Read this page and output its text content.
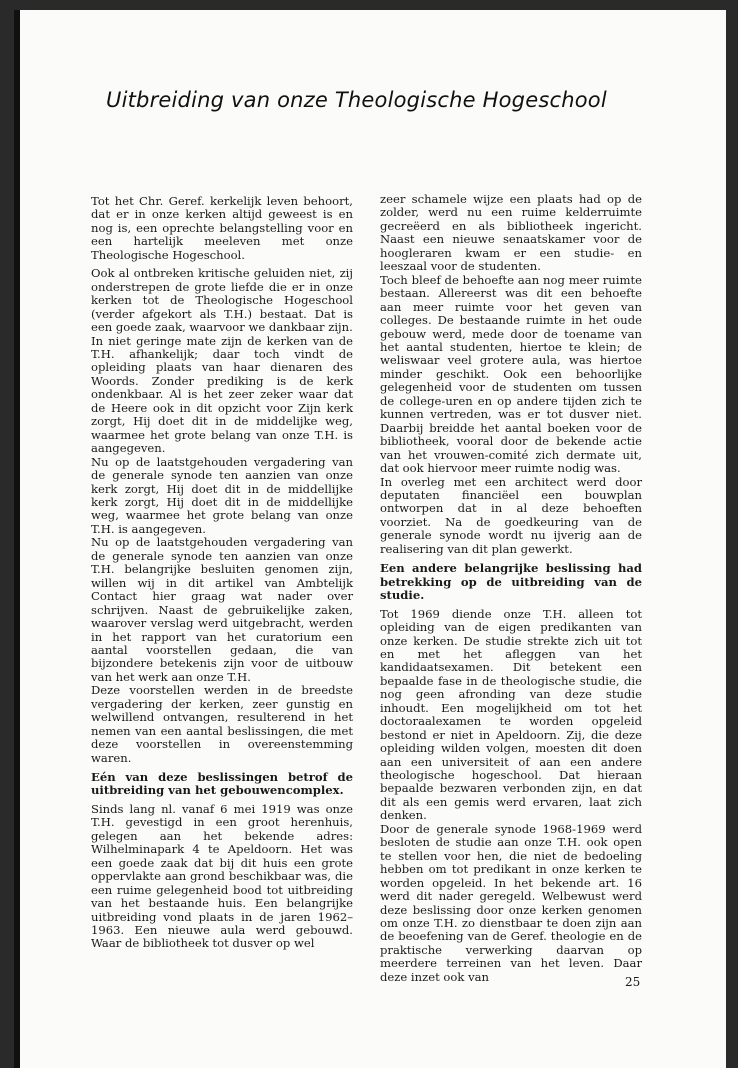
Uitbreiding van onze Theologische Hogeschool

Tot het Chr. Geref. kerkelijk leven behoort, dat er in onze kerken altijd geweest is en nog is, een oprechte belangstelling voor en een hartelijk meeleven met onze Theologische Hogeschool.

Ook al ontbreken kritische geluiden niet, zij onderstrepen de grote liefde die er in onze kerken tot de Theologische Hogeschool (verder afgekort als T.H.) bestaat. Dat is een goede zaak, waarvoor we dankbaar zijn.

In niet geringe mate zijn de kerken van de T.H. afhankelijk; daar toch vindt de opleiding plaats van haar dienaren des Woords. Zonder prediking is de kerk ondenkbaar. Al is het zeer zeker waar dat de Heere ook in dit opzicht voor Zijn kerk zorgt, Hij doet dit in de middelijke weg, waarmee het grote belang van onze T.H. is aangegeven.

Nu op de laatstgehouden vergadering van de generale synode ten aanzien van onze kerk zorgt, Hij doet dit in de middellijke kerk zorgt, Hij doet dit in de middellijke weg, waarmee het grote belang van onze T.H. is aangegeven.

Nu op de laatstgehouden vergadering van de generale synode ten aanzien van onze T.H. belangrijke besluiten genomen zijn, willen wij in dit artikel van Ambtelijk Contact hier graag wat nader over schrijven. Naast de gebruikelijke zaken, waarover verslag werd uitgebracht, werden in het rapport van het curatorium een aantal voorstellen gedaan, die van bijzondere betekenis zijn voor de uitbouw van het werk aan onze T.H.

Deze voorstellen werden in de breedste vergadering der kerken, zeer gunstig en welwillend ontvangen, resulterend in het nemen van een aantal beslissingen, die met deze voorstellen in overeenstemming waren.

Eén van deze beslissingen betrof de uitbreiding van het gebouwencomplex.

Sinds lang nl. vanaf 6 mei 1919 was onze T.H. gevestigd in een groot herenhuis, gelegen aan het bekende adres: Wilhelminapark 4 te Apeldoorn. Het was een goede zaak dat bij dit huis een grote oppervlakte aan grond beschikbaar was, die een ruime gelegenheid bood tot uitbreiding van het bestaande huis. Een belangrijke uitbreiding vond plaats in de jaren 1962–1963. Een nieuwe aula werd gebouwd. Waar de bibliotheek tot dusver op wel

zeer schamele wijze een plaats had op de zolder, werd nu een ruime kelderruimte gecreëerd en als bibliotheek ingericht. Naast een nieuwe senaatskamer voor de hoogleraren kwam er een studie- en leeszaal voor de studenten.

Toch bleef de behoefte aan nog meer ruimte bestaan. Allereerst was dit een behoefte aan meer ruimte voor het geven van colleges. De bestaande ruimte in het oude gebouw werd, mede door de toename van het aantal studenten, hiertoe te klein; de weliswaar veel grotere aula, was hiertoe minder geschikt. Ook een behoorlijke gelegenheid voor de studenten om tussen de college-uren en op andere tijden zich te kunnen vertreden, was er tot dusver niet. Daarbij breidde het aantal boeken voor de bibliotheek, vooral door de bekende actie van het vrouwen-comité zich dermate uit, dat ook hiervoor meer ruimte nodig was.

In overleg met een architect werd door deputaten financiëel een bouwplan ontworpen dat in al deze behoeften voorziet. Na de goedkeuring van de generale synode wordt nu ijverig aan de realisering van dit plan gewerkt.

Een andere belangrijke beslissing had betrekking op de uitbreiding van de studie.

Tot 1969 diende onze T.H. alleen tot opleiding van de eigen predikanten van onze kerken. De studie strekte zich uit tot en met het afleggen van het kandidaatsexamen. Dit betekent een bepaalde fase in de theologische studie, die nog geen afronding van deze studie inhoudt. Een mogelijkheid om tot het doctoraalexamen te worden opgeleid bestond er niet in Apeldoorn. Zij, die deze opleiding wilden volgen, moesten dit doen aan een universiteit of aan een andere theologische hogeschool. Dat hieraan bepaalde bezwaren verbonden zijn, en dat dit als een gemis werd ervaren, laat zich denken.

Door de generale synode 1968-1969 werd besloten de studie aan onze T.H. ook open te stellen voor hen, die niet de bedoeling hebben om tot predikant in onze kerken te worden opgeleid. In het bekende art. 16 werd dit nader geregeld. Welbewust werd deze beslissing door onze kerken genomen om onze T.H. zo dienstbaar te doen zijn aan de beoefening van de Geref. theologie en de praktische verwerking daarvan op meerdere terreinen van het leven. Daar deze inzet ook van	25
